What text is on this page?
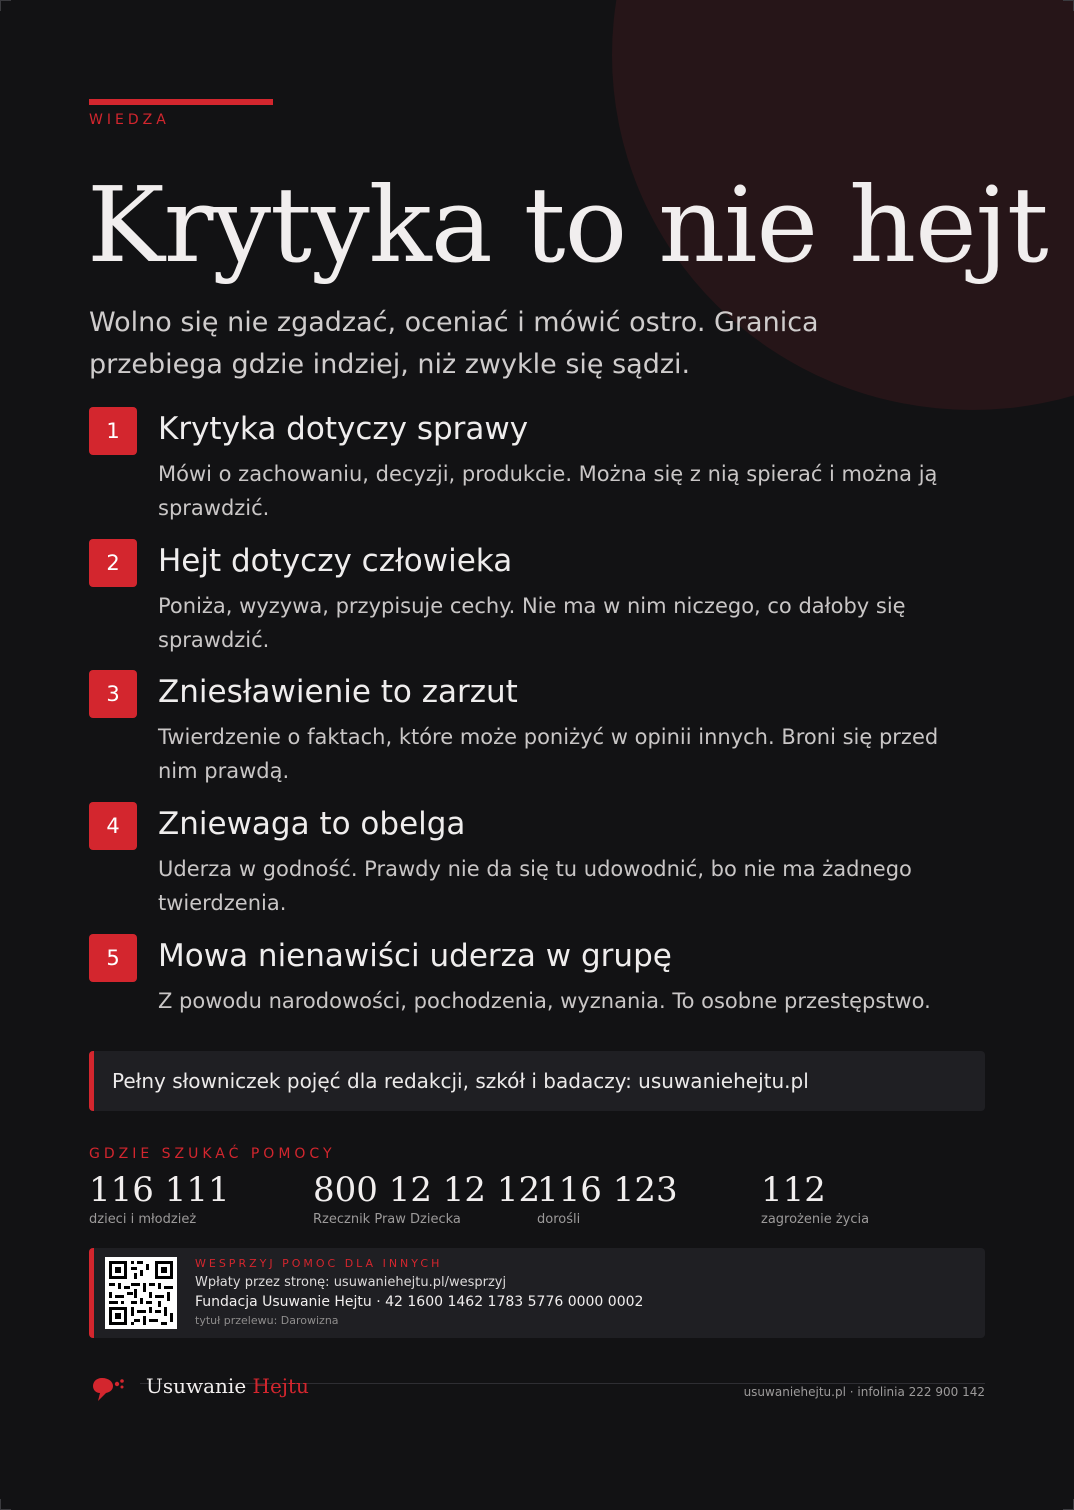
WIEDZA
Krytyka to nie hejt

Wolno się nie zgadzać, oceniać i mówić ostro. Granica przebiega gdzie indziej, niż zwykle się sądzi.

1	Krytyka dotyczy sprawy

Mówi o zachowaniu, decyzji, produkcie. Można się z nią spierać i można ją sprawdzić.

2	Hejt dotyczy człowieka

Poniża, wyzywa, przypisuje cechy. Nie ma w nim niczego, co dałoby się sprawdzić.

3	Zniesławienie to zarzut

Twierdzenie o faktach, które może poniżyć w opinii innych. Broni się przed nim prawdą.

4	Zniewaga to obelga

Uderza w godność. Prawdy nie da się tu udowodnić, bo nie ma żadnego twierdzenia.

5	Mowa nienawiści uderza w grupę

Z powodu narodowości, pochodzenia, wyznania. To osobne przestępstwo.

Pełny słowniczek pojęć dla redakcji, szkół i badaczy: usuwaniehejtu.pl
GDZIE SZUKAĆ POMOCY
116 111
dzieci i młodzież
800 12 12 12
Rzecznik Praw Dziecka
116 123
dorośli
112
zagrożenie życia
WESPRZYJ POMOC DLA INNYCH
Wpłaty przez stronę: usuwaniehejtu.pl/wesprzyj
Fundacja Usuwanie Hejtu · 42 1600 1462 1783 5776 0000 0002
tytuł przelewu: Darowizna
Usuwanie Hejtu	usuwaniehejtu.pl · infolinia 222 900 142
